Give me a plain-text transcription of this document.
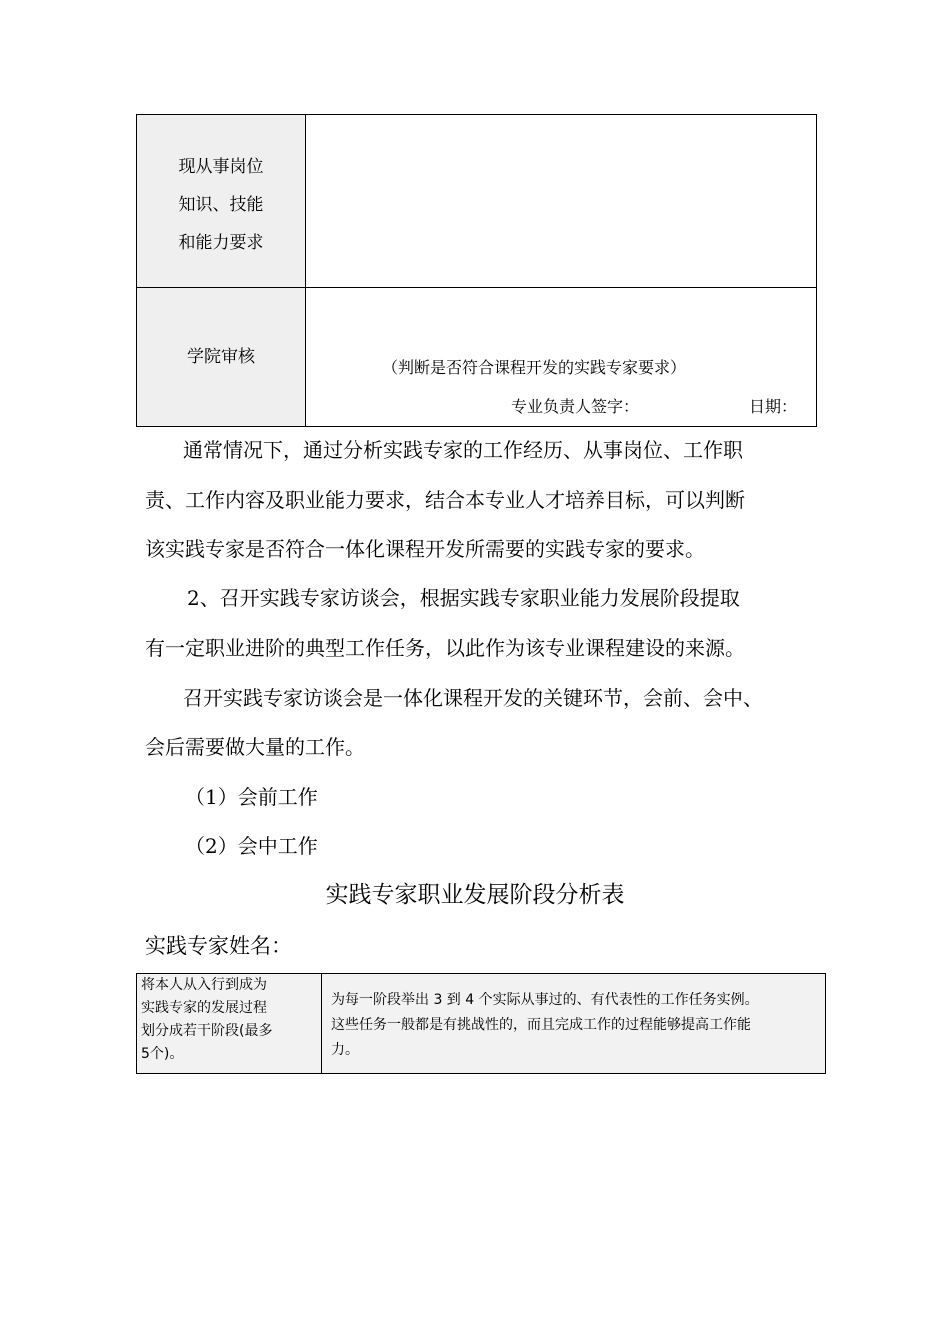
现从事岗位
知识、技能
和能力要求	

学院审核	（判断是否符合课程开发的实践专家要求）
专业负责人签字： 日期：
通常情况下，通过分析实践专家的工作经历、从事岗位、工作职
责、工作内容及职业能力要求，结合本专业人才培养目标，可以判断
该实践专家是否符合一体化课程开发所需要的实践专家的要求。
2、召开实践专家访谈会，根据实践专家职业能力发展阶段提取
有一定职业进阶的典型工作任务，以此作为该专业课程建设的来源。
召开实践专家访谈会是一体化课程开发的关键环节，会前、会中、
会后需要做大量的工作。
（1）会前工作
（2）会中工作
实践专家职业发展阶段分析表
实践专家姓名：
将本人从入行到成为
实践专家的发展过程
划分成若干阶段(最多
5个)。

为每一阶段举出 3 到 4 个实际从事过的、有代表性的工作任务实例。
这些任务一般都是有挑战性的，而且完成工作的过程能够提高工作能
力。
